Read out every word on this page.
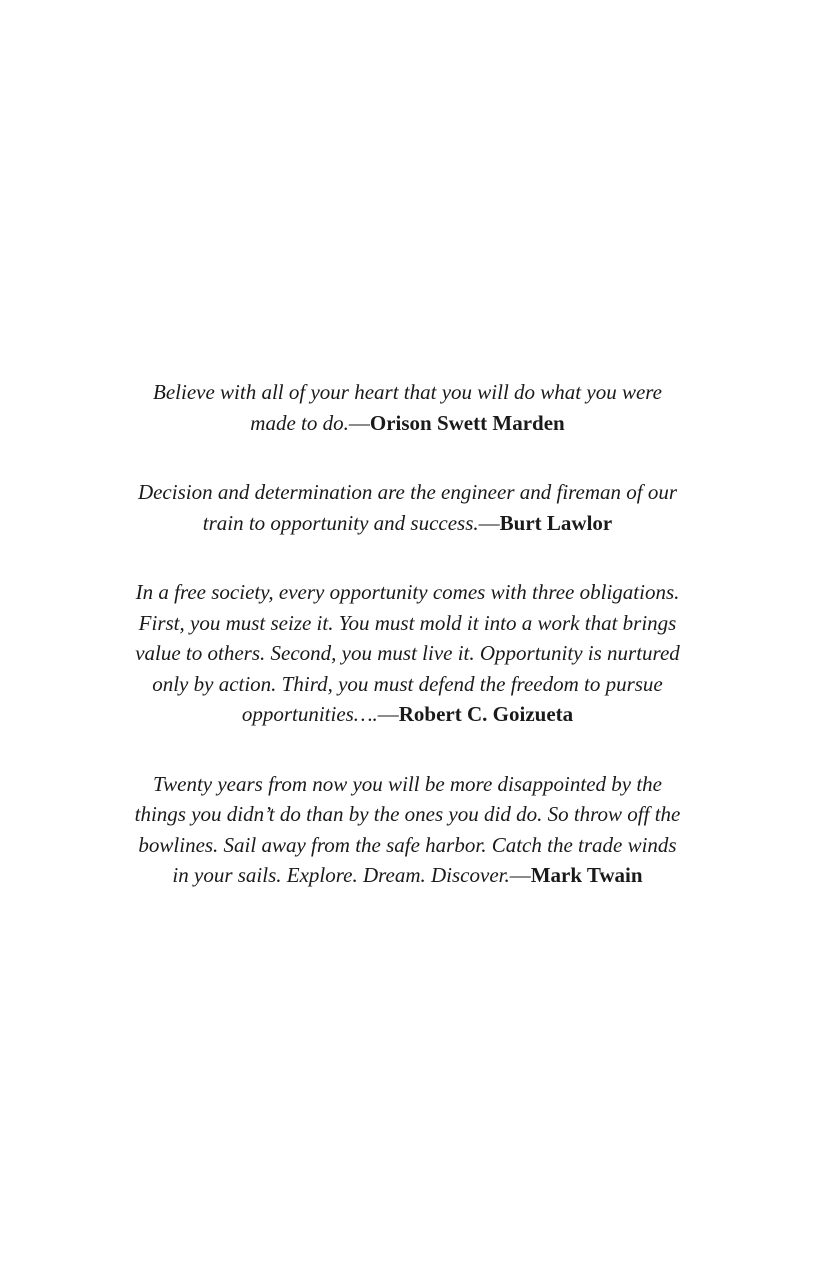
Believe with all of your heart that you will do what you were
made to do.—Orison Swett Marden
Decision and determination are the engineer and fireman of our
train to opportunity and success.—Burt Lawlor
In a free society, every opportunity comes with three obligations.
First, you must seize it. You must mold it into a work that brings
value to others. Second, you must live it. Opportunity is nurtured
only by action. Third, you must defend the freedom to pursue
opportunities….—Robert C. Goizueta
Twenty years from now you will be more disappointed by the
things you didn’t do than by the ones you did do. So throw off the
bowlines. Sail away from the safe harbor. Catch the trade winds
in your sails. Explore. Dream. Discover.—Mark Twain
